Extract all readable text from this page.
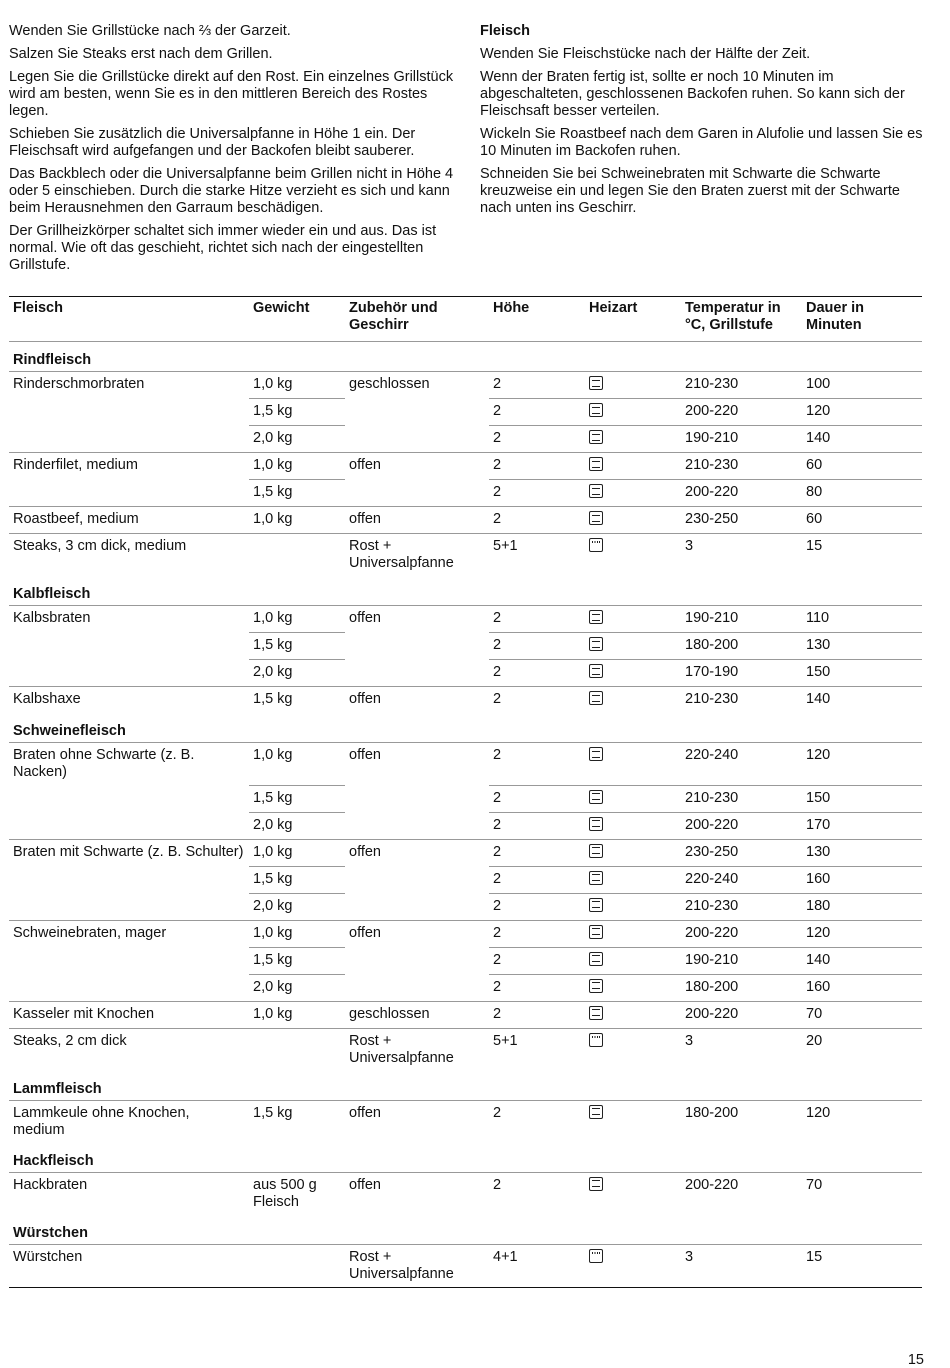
Wenden Sie Grillstücke nach ⅔ der Garzeit.

Salzen Sie Steaks erst nach dem Grillen.

Legen Sie die Grillstücke direkt auf den Rost. Ein einzelnes Grillstück wird am besten, wenn Sie es in den mittleren Bereich des Rostes legen.

Schieben Sie zusätzlich die Universalpfanne in Höhe 1 ein. Der Fleischsaft wird aufgefangen und der Backofen bleibt sauberer.

Das Backblech oder die Universalpfanne beim Grillen nicht in Höhe 4 oder 5 einschieben. Durch die starke Hitze verzieht es sich und kann beim Herausnehmen den Garraum beschädigen.

Der Grillheizkörper schaltet sich immer wieder ein und aus. Das ist normal. Wie oft das geschieht, richtet sich nach der eingestellten Grillstufe.

Fleisch

Wenden Sie Fleischstücke nach der Hälfte der Zeit.

Wenn der Braten fertig ist, sollte er noch 10 Minuten im abgeschalteten, geschlossenen Backofen ruhen. So kann sich der Fleischsaft besser verteilen.

Wickeln Sie Roastbeef nach dem Garen in Alufolie und lassen Sie es 10 Minuten im Backofen ruhen.

Schneiden Sie bei Schweinebraten mit Schwarte die Schwarte kreuzweise ein und legen Sie den Braten zuerst mit der Schwarte nach unten ins Geschirr.

Fleisch	Gewicht	Zubehör und Geschirr	Höhe	Heizart	Temperatur in °C, Grillstufe	Dauer in Minuten
Rindfleisch						
Rinderschmorbraten	1,0 kg	geschlossen	2		210-230	100
	1,5 kg		2		200-220	120
	2,0 kg		2		190-210	140
Rinderfilet, medium	1,0 kg	offen	2		210-230	60
	1,5 kg		2		200-220	80
Roastbeef, medium	1,0 kg	offen	2		230-250	60
Steaks, 3 cm dick, medium		Rost + Universalpfanne	5+1		3	15
Kalbfleisch						
Kalbsbraten	1,0 kg	offen	2		190-210	110
	1,5 kg		2		180-200	130
	2,0 kg		2		170-190	150
Kalbshaxe	1,5 kg	offen	2		210-230	140
Schweinefleisch						
Braten ohne Schwarte (z. B. Nacken)	1,0 kg	offen	2		220-240	120
	1,5 kg		2		210-230	150
	2,0 kg		2		200-220	170
Braten mit Schwarte (z. B. Schulter)	1,0 kg	offen	2		230-250	130
	1,5 kg		2		220-240	160
	2,0 kg		2		210-230	180
Schweinebraten, mager	1,0 kg	offen	2		200-220	120
	1,5 kg		2		190-210	140
	2,0 kg		2		180-200	160
Kasseler mit Knochen	1,0 kg	geschlossen	2		200-220	70
Steaks, 2 cm dick		Rost + Universalpfanne	5+1		3	20
Lammfleisch						
Lammkeule ohne Knochen, medium	1,5 kg	offen	2		180-200	120
Hackfleisch						
Hackbraten	aus 500 g Fleisch	offen	2		200-220	70
Würstchen						
Würstchen		Rost + Universalpfanne	4+1		3	15
15
